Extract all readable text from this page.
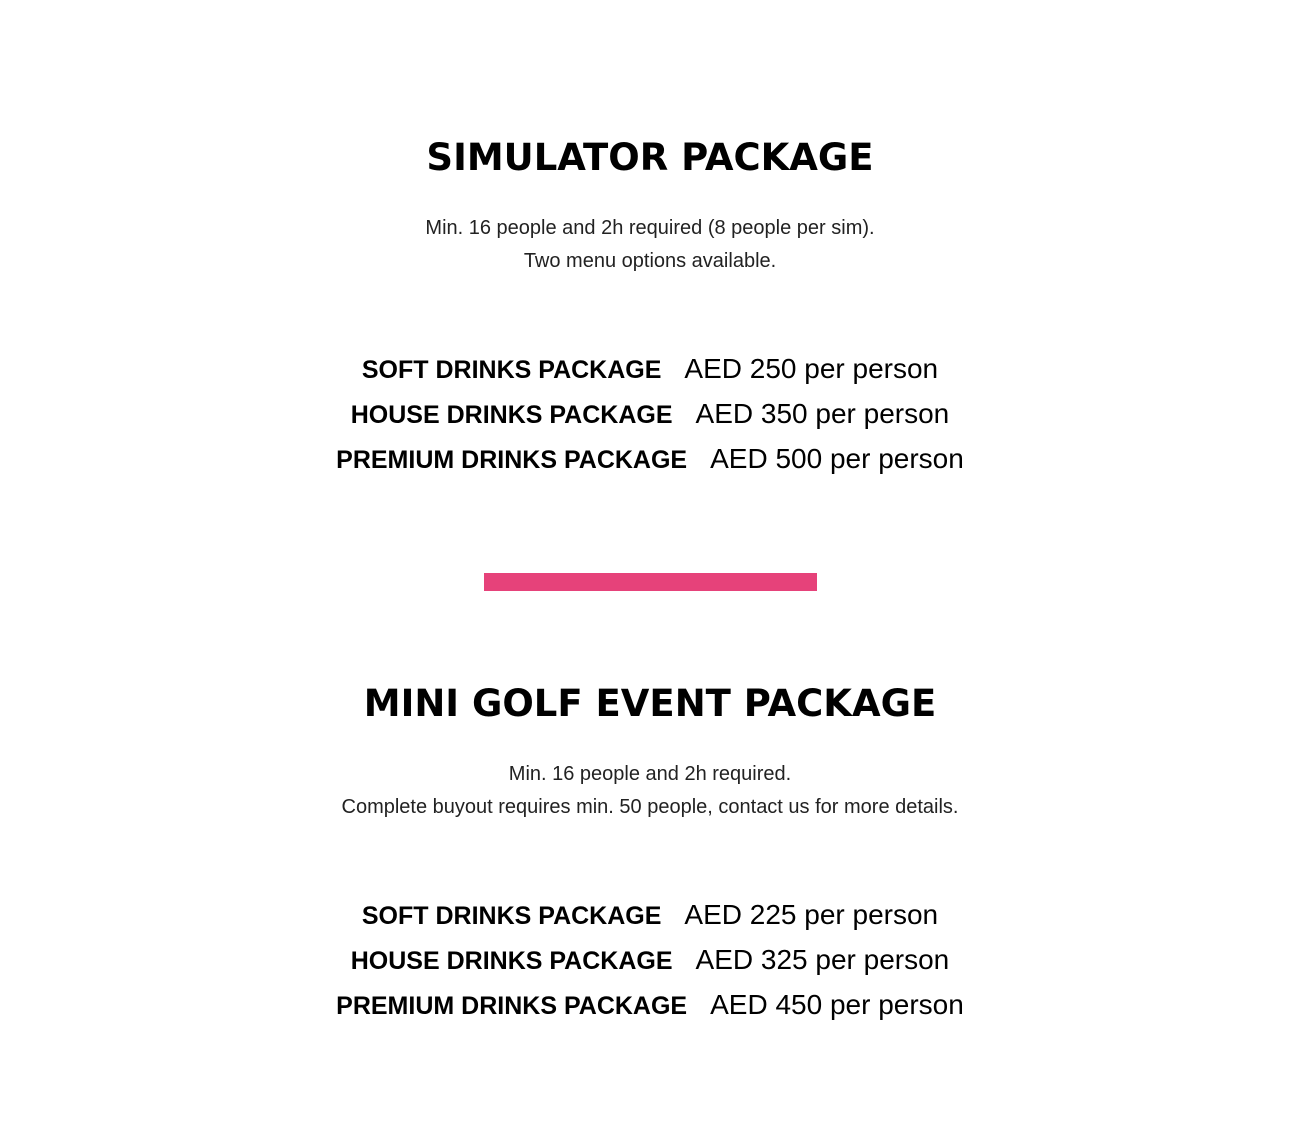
SIMULATOR PACKAGE
Min. 16 people and 2h required (8 people per sim).
Two menu options available.
SOFT DRINKS PACKAGE AED 250 per person
HOUSE DRINKS PACKAGE AED 350 per person
PREMIUM DRINKS PACKAGE AED 500 per person
MINI GOLF EVENT PACKAGE
Min. 16 people and 2h required.
Complete buyout requires min. 50 people, contact us for more details.
SOFT DRINKS PACKAGE AED 225 per person
HOUSE DRINKS PACKAGE AED 325 per person
PREMIUM DRINKS PACKAGE AED 450 per person
